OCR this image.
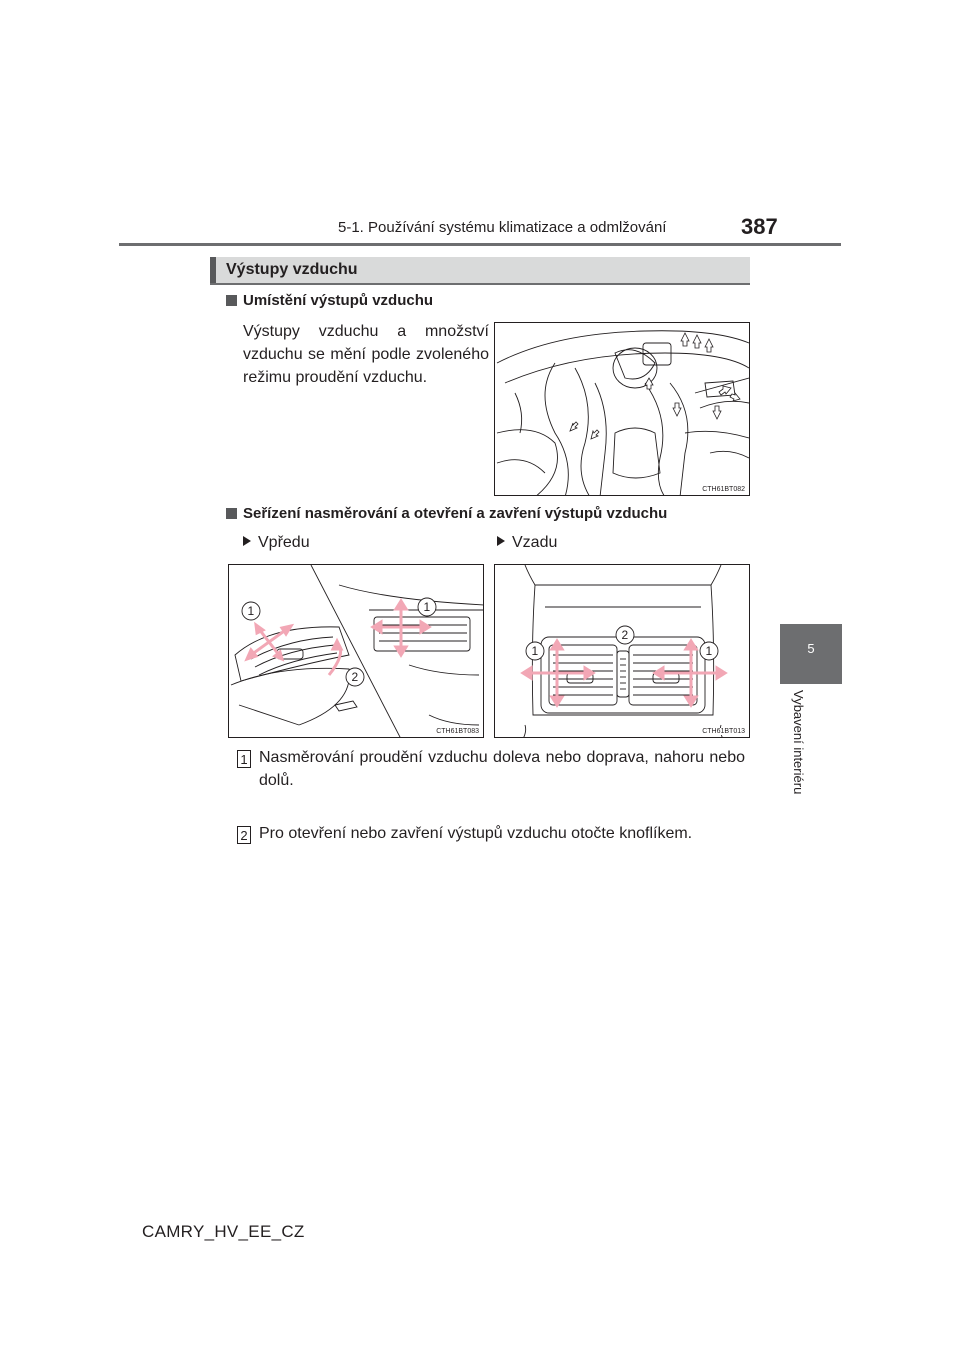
5-1. Používání systému klimatizace a odmlžování	387
5
Vybavení interiéru
Výstupy vzduchu
Umístění výstupů vzduchu
Výstupy vzduchu a množství vzduchu se mění podle zvoleného režimu proudění vzduchu.
CTH61BT082
Seřízení nasměrování a otevření a zavření výstupů vzduchu
Vpředu	Vzadu
1	1
2
CTH61BT083
1	1
2
CTH61BT013
1 Nasměrování proudění vzduchu doleva nebo doprava, nahoru nebo dolů.
2 Pro otevření nebo zavření výstupů vzduchu otočte knoflíkem.
CAMRY_HV_EE_CZ
